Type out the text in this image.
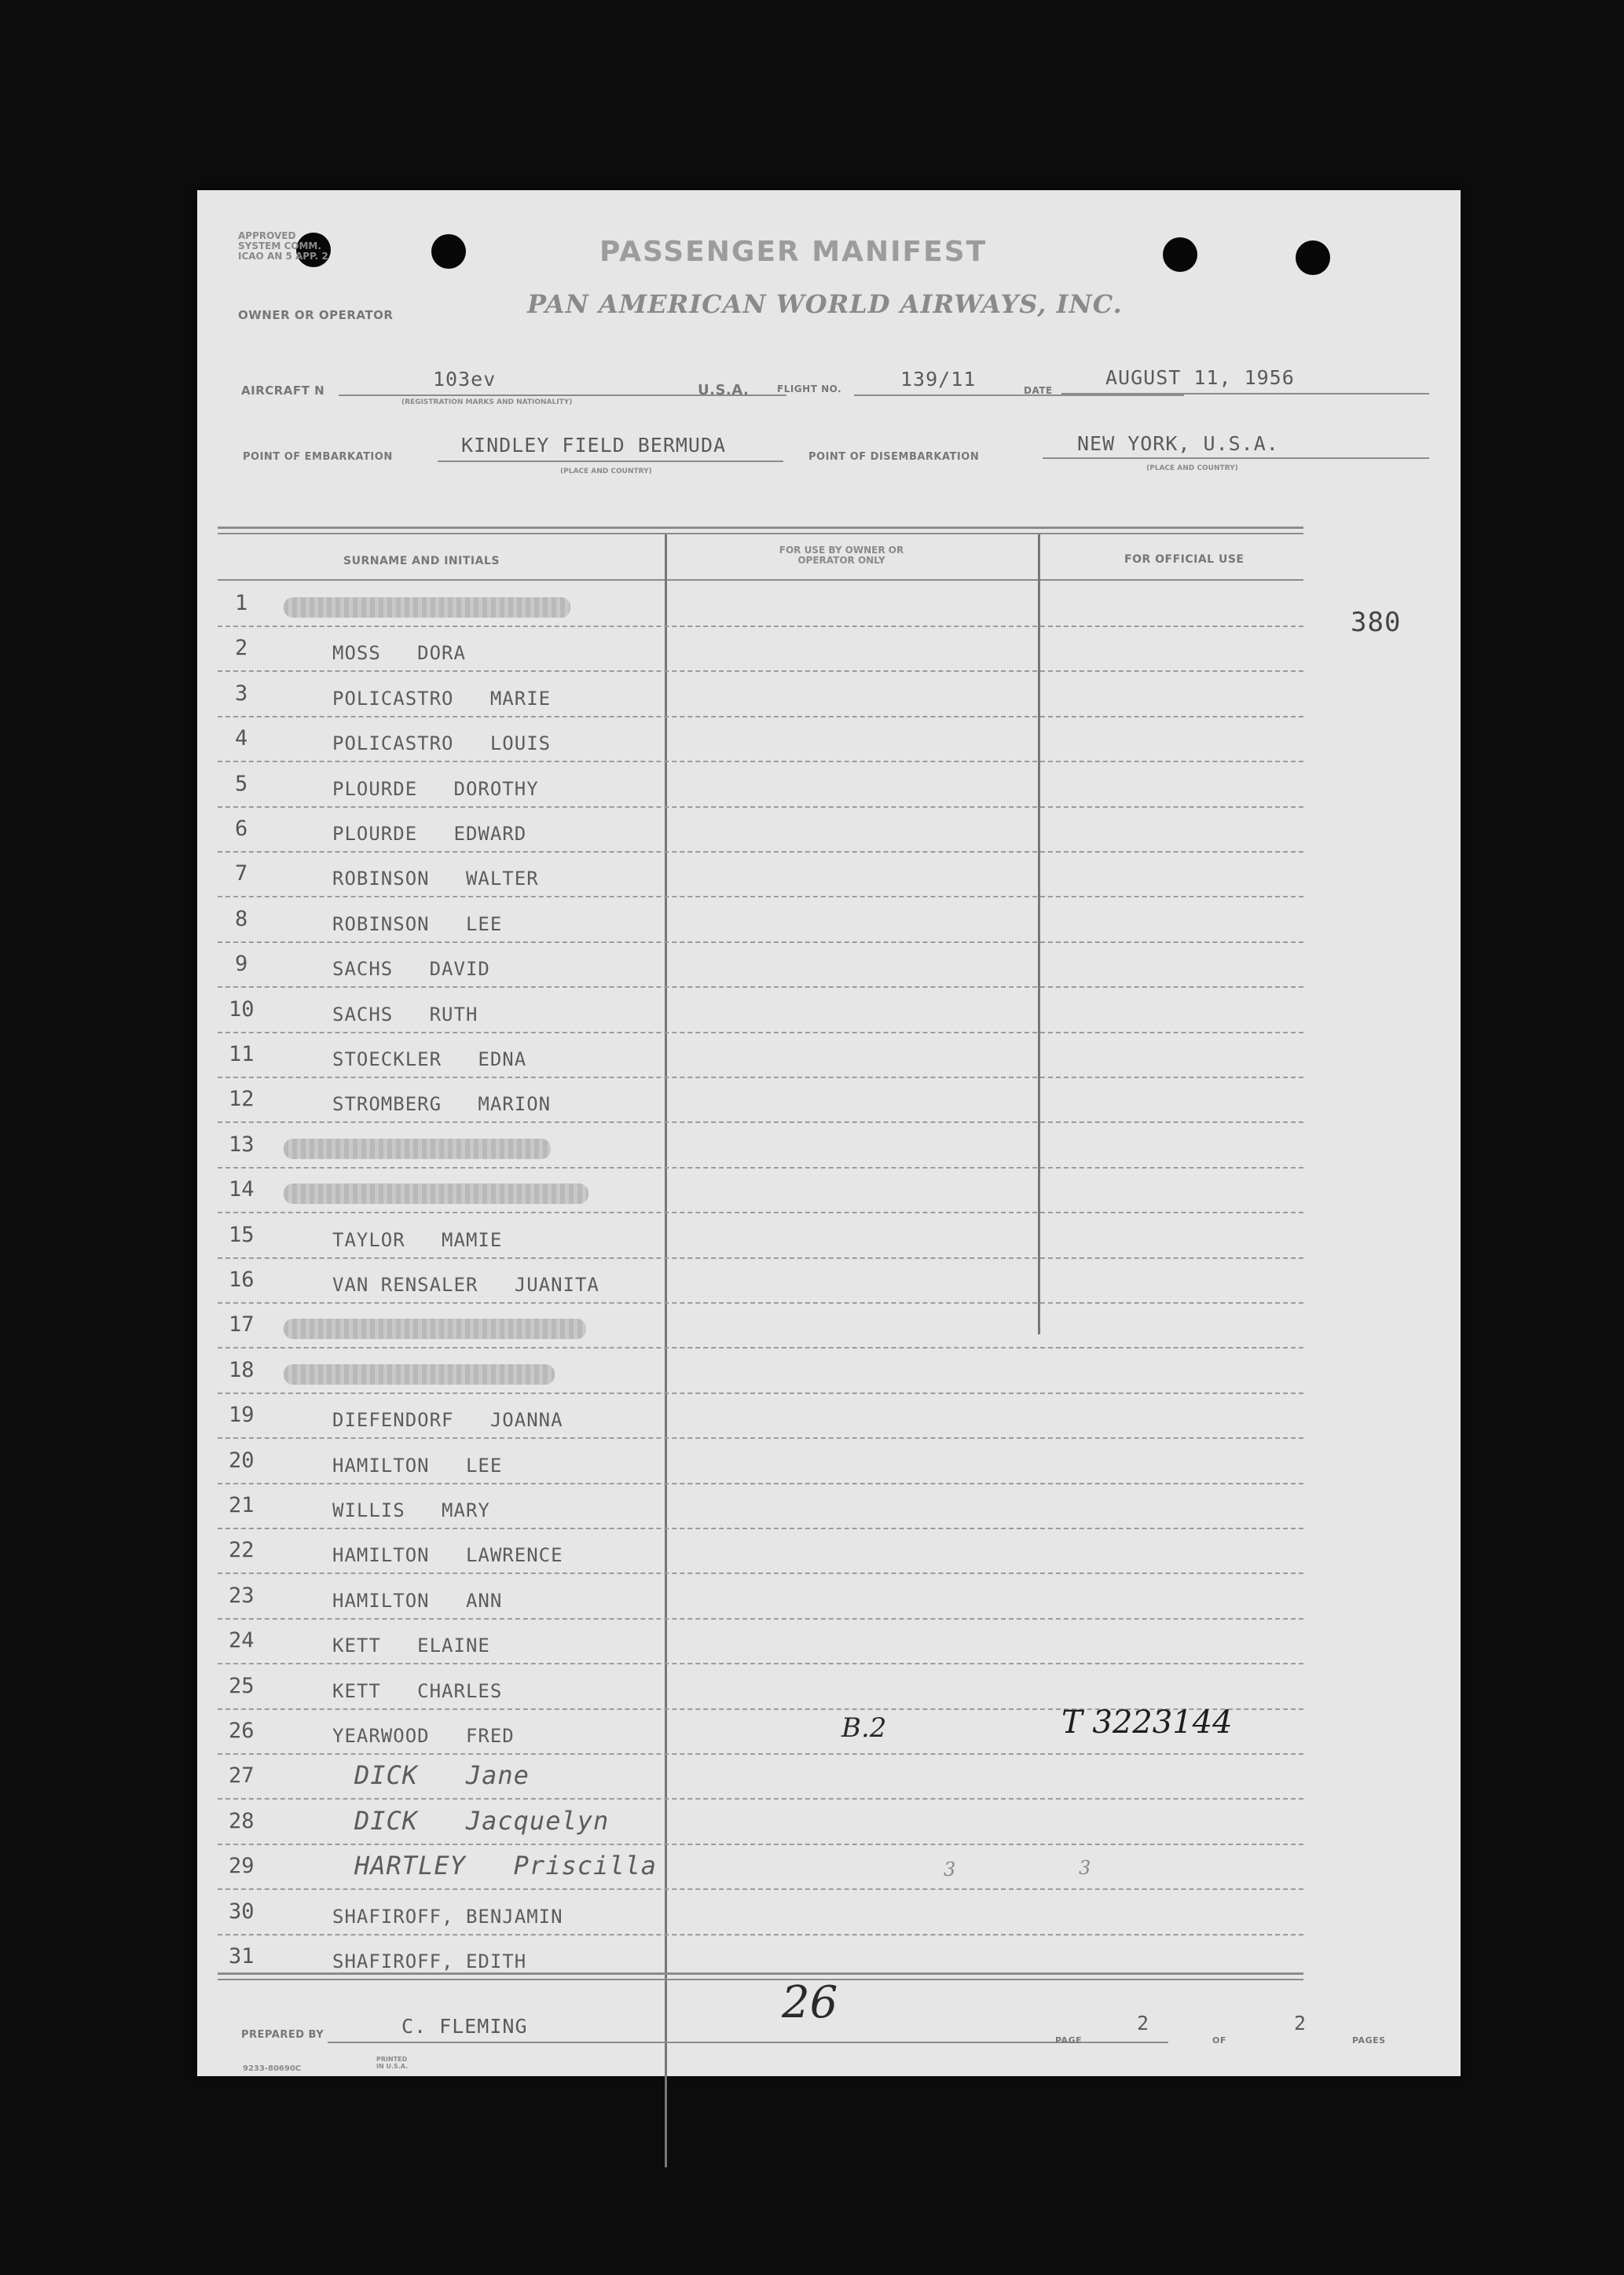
APPROVED
SYSTEM COMM.
ICAO AN 5 APP. 2	PASSENGER MANIFEST
OWNER OR OPERATOR	PAN AMERICAN WORLD AIRWAYS, INC.
AIRCRAFT N	103ev
(REGISTRATION MARKS AND NATIONALITY)
U.S.A.	FLIGHT NO.	139/11	DATE
AUGUST 11, 1956
POINT OF EMBARKATION
KINDLEY FIELD BERMUDA
(PLACE AND COUNTRY)
POINT OF DISEMBARKATION
NEW YORK, U.S.A.
(PLACE AND COUNTRY)
SURNAME AND INITIALS
FOR USE BY OWNER OR OPERATOR ONLY	FOR OFFICIAL USE
380
1
2	MOSS   DORA
3	POLICASTRO   MARIE
4	POLICASTRO   LOUIS
5	PLOURDE   DOROTHY
6	PLOURDE   EDWARD
7	ROBINSON   WALTER
8	ROBINSON   LEE
9	SACHS   DAVID
10	SACHS   RUTH
11	STOECKLER   EDNA
12	STROMBERG   MARION
13
14
15	TAYLOR   MAMIE
16	VAN RENSALER   JUANITA
17
18
19	DIEFENDORF   JOANNA
20	HAMILTON   LEE
21	WILLIS   MARY
22	HAMILTON   LAWRENCE
23	HAMILTON   ANN
24	KETT   ELAINE
25	KETT   CHARLES
26	YEARWOOD   FRED	B.2	T 3223144
27	DICK   Jane
28	DICK   Jacquelyn
29	HARTLEY   Priscilla	3	3
30	SHAFIROFF, BENJAMIN
31	SHAFIROFF, EDITH
26
PREPARED BY	C. FLEMING	2
PAGE	OF
2
PAGES
9233-80690C
PRINTED IN U.S.A.
